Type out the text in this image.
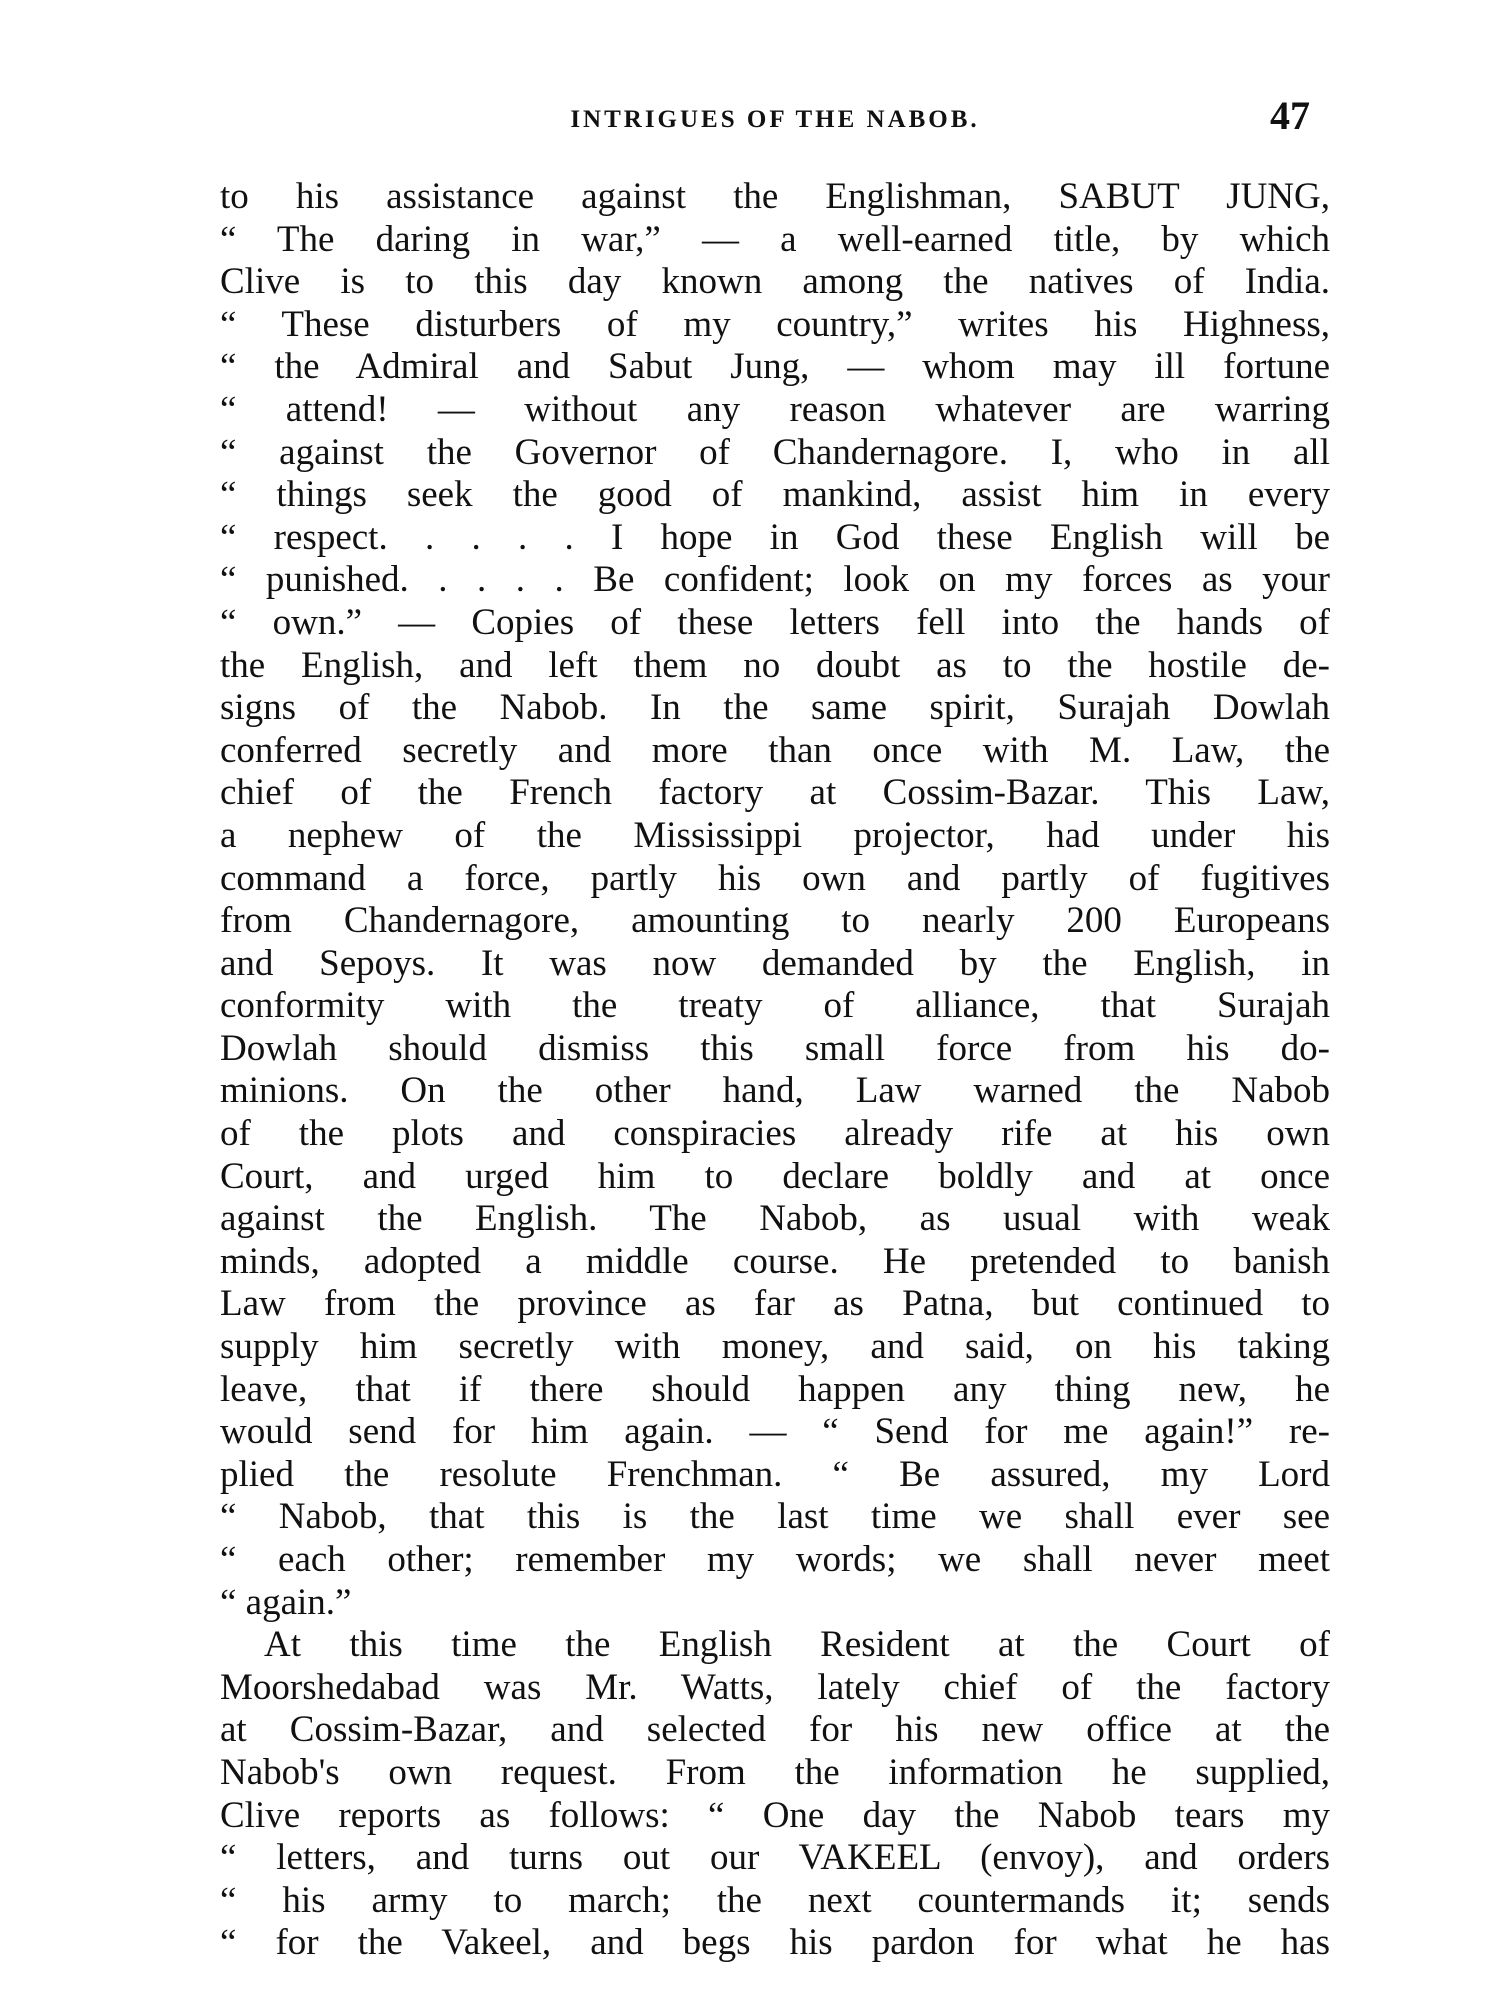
INTRIGUES OF THE NABOB.	47
to his assistance against the Englishman, SABUT JUNG,
“ The daring in war,” — a well-earned title, by which
Clive is to this day known among the natives of India.
“ These disturbers of my country,” writes his Highness,
“ the Admiral and Sabut Jung, — whom may ill fortune
“ attend! — without any reason whatever are warring
“ against the Governor of Chandernagore. I, who in all
“ things seek the good of mankind, assist him in every
“ respect. . . . . I hope in God these English will be
“ punished. . . . . Be confident; look on my forces as your
“ own.” — Copies of these letters fell into the hands of
the English, and left them no doubt as to the hostile de-
signs of the Nabob. In the same spirit, Surajah Dowlah
conferred secretly and more than once with M. Law, the
chief of the French factory at Cossim-Bazar. This Law,
a nephew of the Mississippi projector, had under his
command a force, partly his own and partly of fugitives
from Chandernagore, amounting to nearly 200 Europeans
and Sepoys. It was now demanded by the English, in
conformity with the treaty of alliance, that Surajah
Dowlah should dismiss this small force from his do-
minions. On the other hand, Law warned the Nabob
of the plots and conspiracies already rife at his own
Court, and urged him to declare boldly and at once
against the English. The Nabob, as usual with weak
minds, adopted a middle course. He pretended to banish
Law from the province as far as Patna, but continued to
supply him secretly with money, and said, on his taking
leave, that if there should happen any thing new, he
would send for him again. — “ Send for me again!” re-
plied the resolute Frenchman. “ Be assured, my Lord
“ Nabob, that this is the last time we shall ever see
“ each other; remember my words; we shall never meet
“ again.”
At this time the English Resident at the Court of
Moorshedabad was Mr. Watts, lately chief of the factory
at Cossim-Bazar, and selected for his new office at the
Nabob's own request. From the information he supplied,
Clive reports as follows: “ One day the Nabob tears my
“ letters, and turns out our VAKEEL (envoy), and orders
“ his army to march; the next countermands it; sends
“ for the Vakeel, and begs his pardon for what he has
